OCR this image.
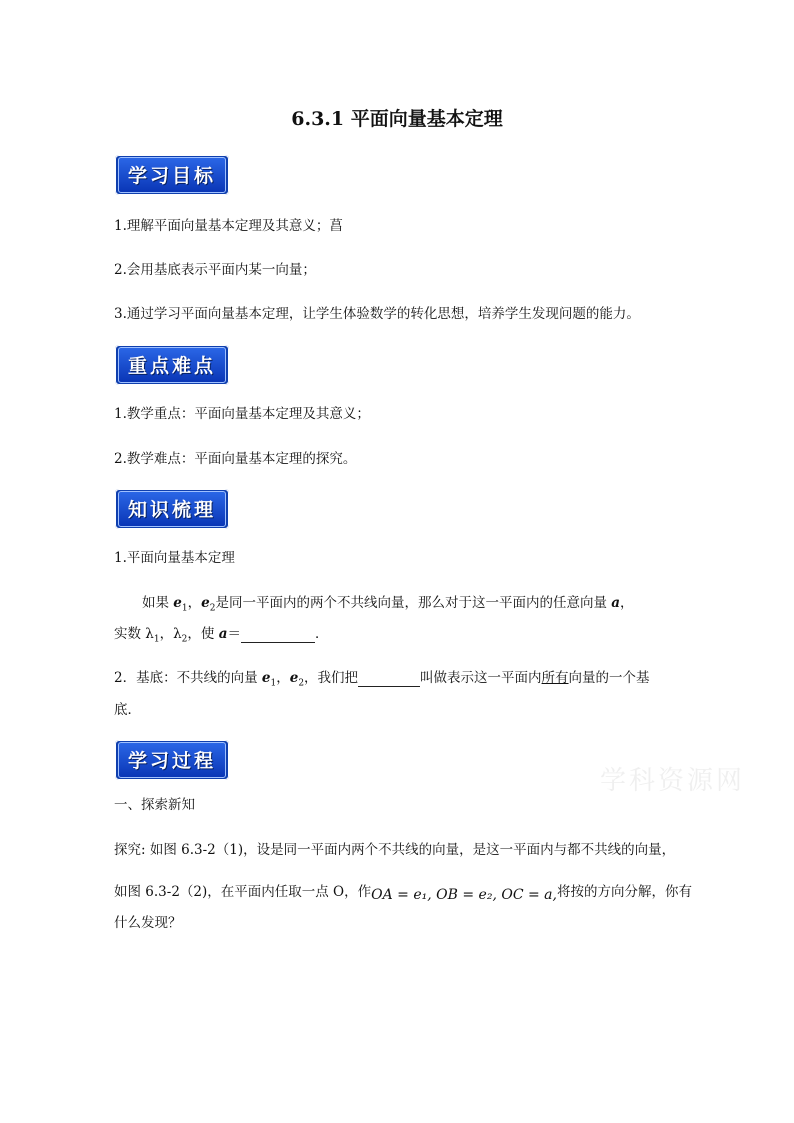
6.3.1 平面向量基本定理
学习目标
1.理解平面向量基本定理及其意义；菖
2.会用基底表示平面内某一向量；
3.通过学习平面向量基本定理，让学生体验数学的转化思想，培养学生发现问题的能力。
重点难点
1.教学重点：平面向量基本定理及其意义；
2.教学难点：平面向量基本定理的探究。
知识梳理
1.平面向量基本定理
如果 $e_1$，$e_2$是同一平面内的两个不共线向量，那么对于这一平面内的任意向量 a，
实数 $\lambda_1$，$\lambda_2$，使 a＝	．
2．基底：不共线的向量 $e_1$，$e_2$，我们把	叫做表示这一平面内所有向量的一个基
底．
学习过程
学科资源网
一、探索新知
探究: 如图 6.3-2（1)，设是同一平面内两个不共线的向量，是这一平面内与都不共线的向量，
如图 6.3-2（2)，在平面内任取一点 O，作OA = e₁, OB = e₂, OC = a,将按的方向分解，你有
什么发现？
